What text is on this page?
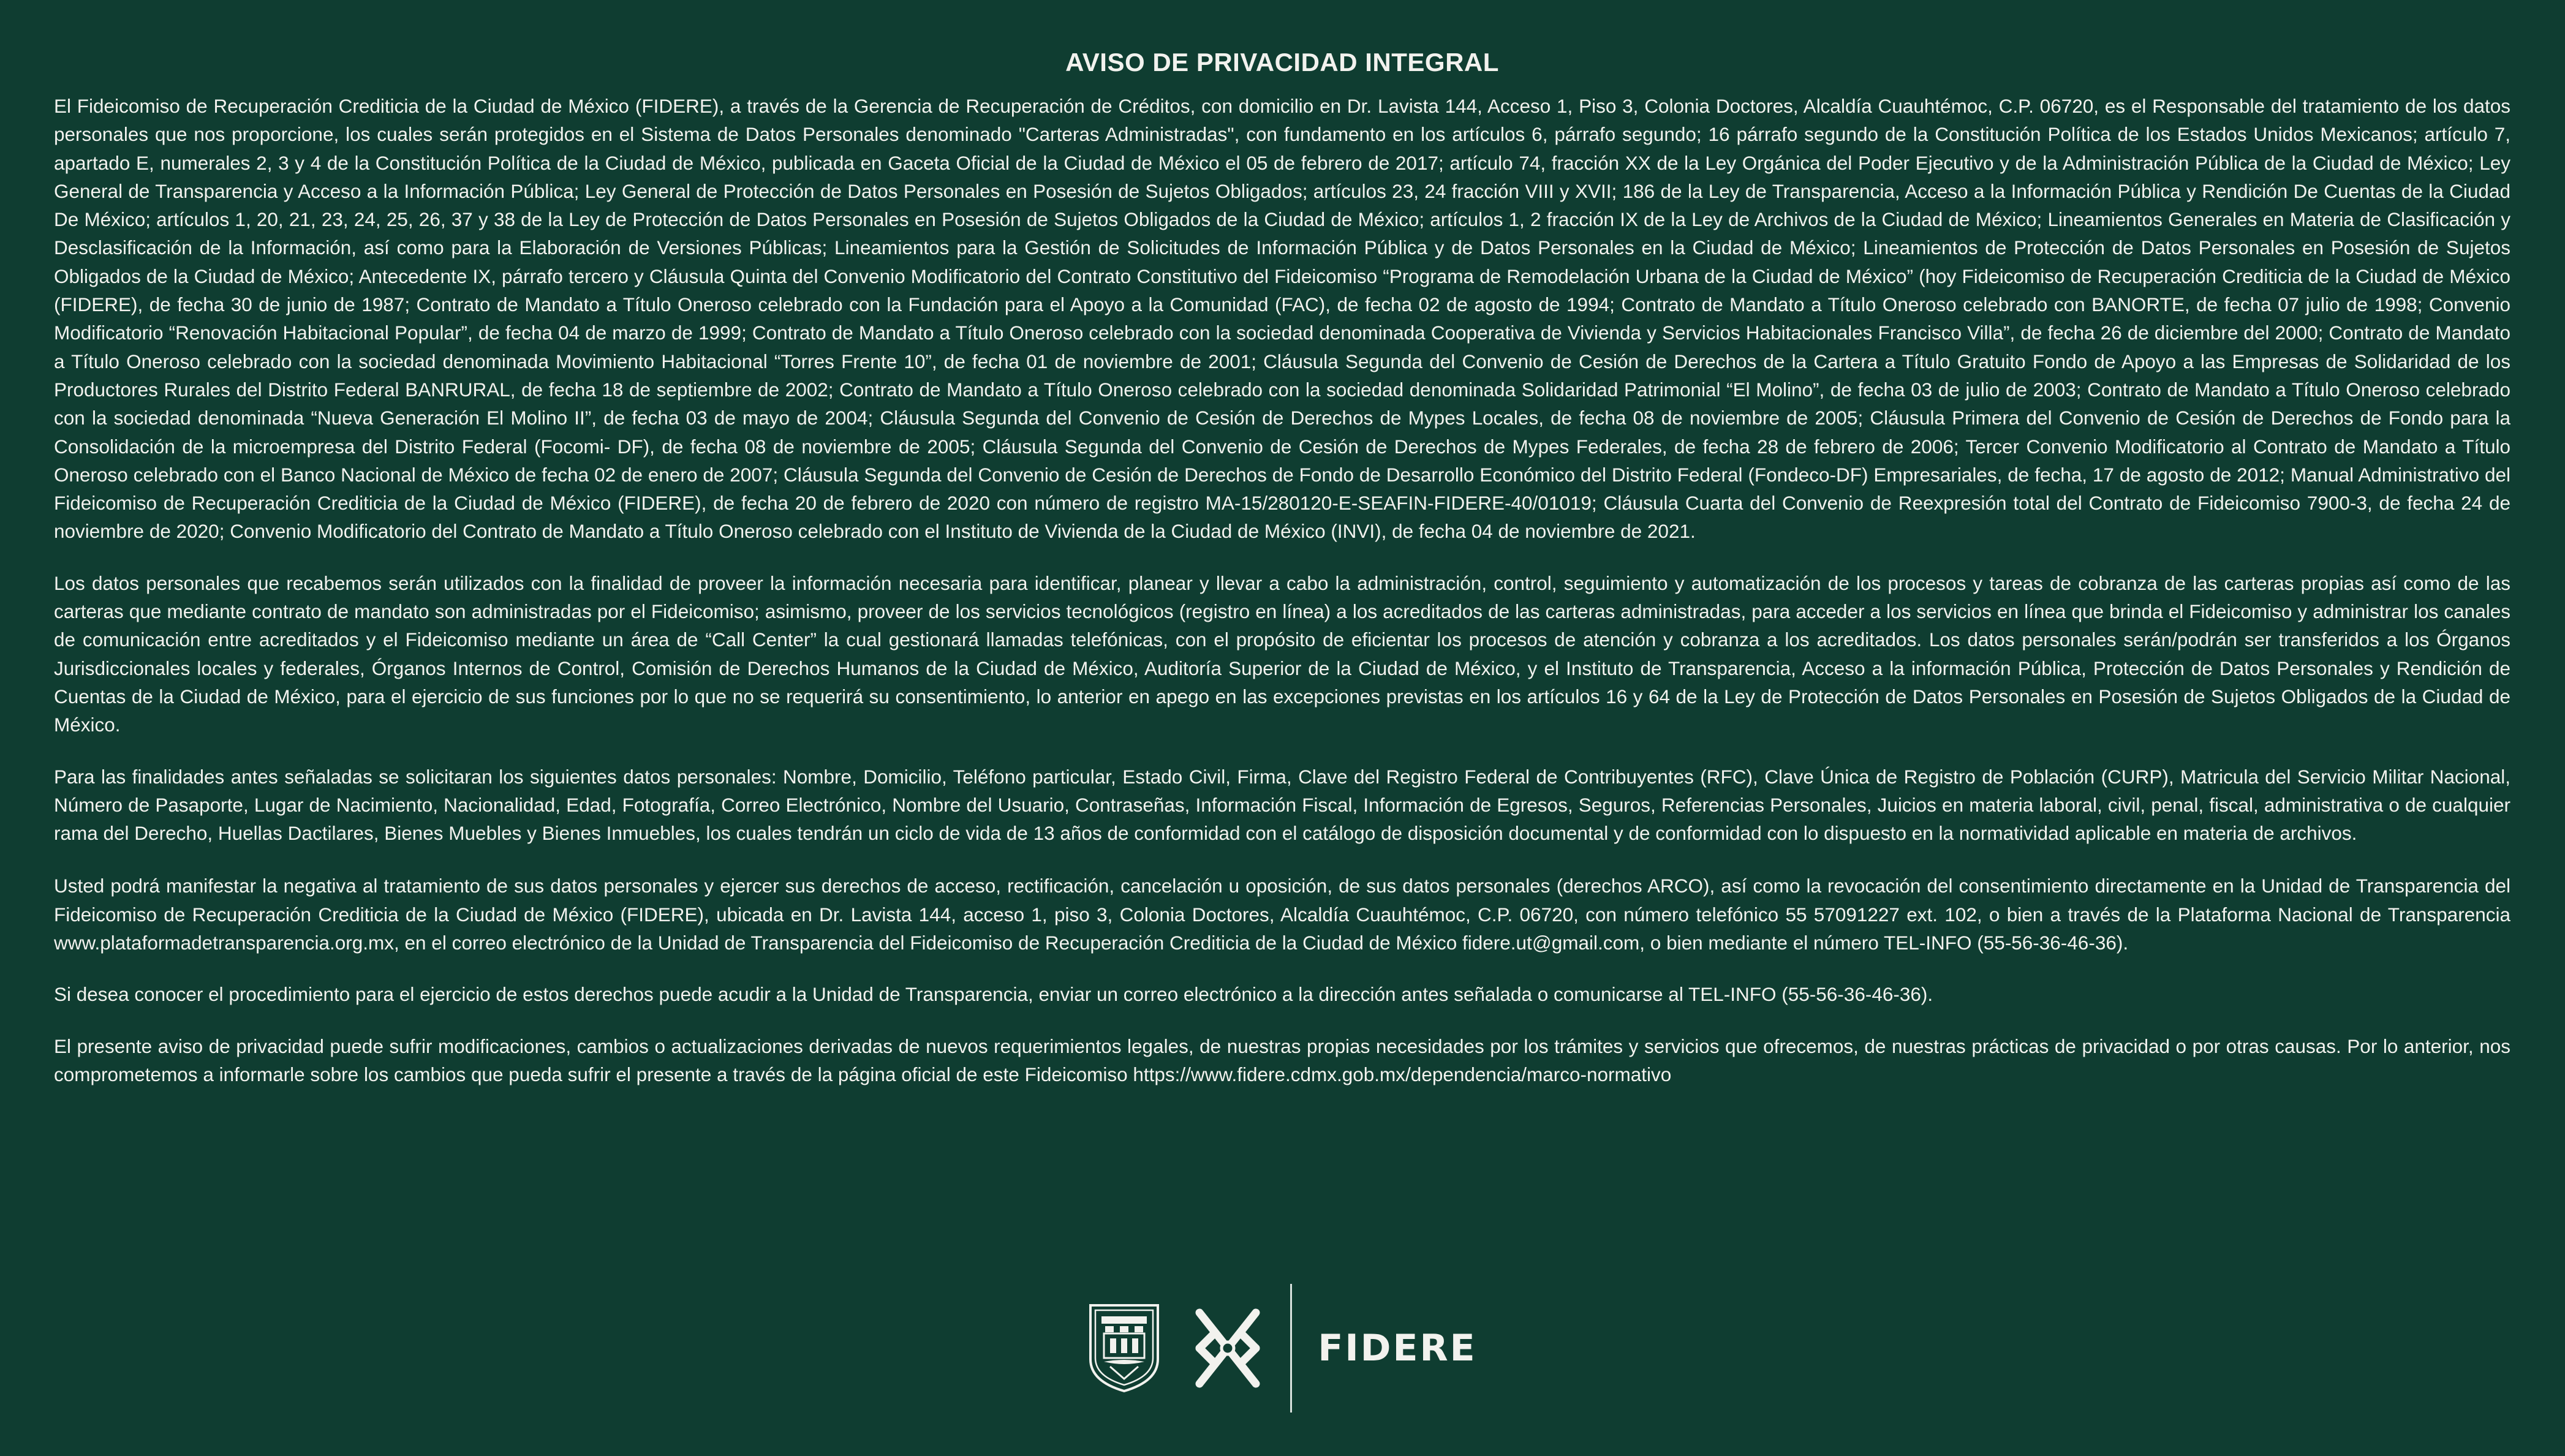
AVISO DE PRIVACIDAD INTEGRAL

El Fideicomiso de Recuperación Crediticia de la Ciudad de México (FIDERE), a través de la Gerencia de Recuperación de Créditos, con domicilio en Dr. Lavista 144, Acceso 1, Piso 3, Colonia Doctores, Alcaldía Cuauhtémoc, C.P. 06720, es el Responsable del tratamiento de los datos personales que nos proporcione, los cuales serán protegidos en el Sistema de Datos Personales denominado "Carteras Administradas", con fundamento en los artículos 6, párrafo segundo; 16 párrafo segundo de la Constitución Política de los Estados Unidos Mexicanos; artículo 7, apartado E, numerales 2, 3 y 4 de la Constitución Política de la Ciudad de México, publicada en Gaceta Oficial de la Ciudad de México el 05 de febrero de 2017; artículo 74, fracción XX de la Ley Orgánica del Poder Ejecutivo y de la Administración Pública de la Ciudad de México; Ley General de Transparencia y Acceso a la Información Pública; Ley General de Protección de Datos Personales en Posesión de Sujetos Obligados; artículos 23, 24 fracción VIII y XVII; 186 de la Ley de Transparencia, Acceso a la Información Pública y Rendición De Cuentas de la Ciudad De México; artículos 1, 20, 21, 23, 24, 25, 26, 37 y 38 de la Ley de Protección de Datos Personales en Posesión de Sujetos Obligados de la Ciudad de México; artículos 1, 2 fracción IX de la Ley de Archivos de la Ciudad de México; Lineamientos Generales en Materia de Clasificación y Desclasificación de la Información, así como para la Elaboración de Versiones Públicas; Lineamientos para la Gestión de Solicitudes de Información Pública y de Datos Personales en la Ciudad de México; Lineamientos de Protección de Datos Personales en Posesión de Sujetos Obligados de la Ciudad de México; Antecedente IX, párrafo tercero y Cláusula Quinta del Convenio Modificatorio del Contrato Constitutivo del Fideicomiso “Programa de Remodelación Urbana de la Ciudad de México” (hoy Fideicomiso de Recuperación Crediticia de la Ciudad de México (FIDERE), de fecha 30 de junio de 1987; Contrato de Mandato a Título Oneroso celebrado con la Fundación para el Apoyo a la Comunidad (FAC), de fecha 02 de agosto de 1994; Contrato de Mandato a Título Oneroso celebrado con BANORTE, de fecha 07 julio de 1998; Convenio Modificatorio “Renovación Habitacional Popular”, de fecha 04 de marzo de 1999; Contrato de Mandato a Título Oneroso celebrado con la sociedad denominada Cooperativa de Vivienda y Servicios Habitacionales Francisco Villa”, de fecha 26 de diciembre del 2000; Contrato de Mandato a Título Oneroso celebrado con la sociedad denominada Movimiento Habitacional “Torres Frente 10”, de fecha 01 de noviembre de 2001; Cláusula Segunda del Convenio de Cesión de Derechos de la Cartera a Título Gratuito Fondo de Apoyo a las Empresas de Solidaridad de los Productores Rurales del Distrito Federal BANRURAL, de fecha 18 de septiembre de 2002; Contrato de Mandato a Título Oneroso celebrado con la sociedad denominada Solidaridad Patrimonial “El Molino”, de fecha 03 de julio de 2003; Contrato de Mandato a Título Oneroso celebrado con la sociedad denominada “Nueva Generación El Molino II”, de fecha 03 de mayo de 2004; Cláusula Segunda del Convenio de Cesión de Derechos de Mypes Locales, de fecha 08 de noviembre de 2005; Cláusula Primera del Convenio de Cesión de Derechos de Fondo para la Consolidación de la microempresa del Distrito Federal (Focomi- DF), de fecha 08 de noviembre de 2005; Cláusula Segunda del Convenio de Cesión de Derechos de Mypes Federales, de fecha 28 de febrero de 2006; Tercer Convenio Modificatorio al Contrato de Mandato a Título Oneroso celebrado con el Banco Nacional de México de fecha 02 de enero de 2007; Cláusula Segunda del Convenio de Cesión de Derechos de Fondo de Desarrollo Económico del Distrito Federal (Fondeco-DF) Empresariales, de fecha, 17 de agosto de 2012; Manual Administrativo del Fideicomiso de Recuperación Crediticia de la Ciudad de México (FIDERE), de fecha 20 de febrero de 2020 con número de registro MA-15/280120-E-SEAFIN-FIDERE-40/01019; Cláusula Cuarta del Convenio de Reexpresión total del Contrato de Fideicomiso 7900-3, de fecha 24 de noviembre de 2020; Convenio Modificatorio del Contrato de Mandato a Título Oneroso celebrado con el Instituto de Vivienda de la Ciudad de México (INVI), de fecha 04 de noviembre de 2021.

Los datos personales que recabemos serán utilizados con la finalidad de proveer la información necesaria para identificar, planear y llevar a cabo la administración, control, seguimiento y automatización de los procesos y tareas de cobranza de las carteras propias así como de las carteras que mediante contrato de mandato son administradas por el Fideicomiso; asimismo, proveer de los servicios tecnológicos (registro en línea) a los acreditados de las carteras administradas, para acceder a los servicios en línea que brinda el Fideicomiso y administrar los canales de comunicación entre acreditados y el Fideicomiso mediante un área de “Call Center” la cual gestionará llamadas telefónicas, con el propósito de eficientar los procesos de atención y cobranza a los acreditados. Los datos personales serán/podrán ser transferidos a los Órganos Jurisdiccionales locales y federales, Órganos Internos de Control, Comisión de Derechos Humanos de la Ciudad de México, Auditoría Superior de la Ciudad de México, y el Instituto de Transparencia, Acceso a la información Pública, Protección de Datos Personales y Rendición de Cuentas de la Ciudad de México, para el ejercicio de sus funciones por lo que no se requerirá su consentimiento, lo anterior en apego en las excepciones previstas en los artículos 16 y 64 de la Ley de Protección de Datos Personales en Posesión de Sujetos Obligados de la Ciudad de México.

Para las finalidades antes señaladas se solicitaran los siguientes datos personales: Nombre, Domicilio, Teléfono particular, Estado Civil, Firma, Clave del Registro Federal de Contribuyentes (RFC), Clave Única de Registro de Población (CURP), Matricula del Servicio Militar Nacional, Número de Pasaporte, Lugar de Nacimiento, Nacionalidad, Edad, Fotografía, Correo Electrónico, Nombre del Usuario, Contraseñas, Información Fiscal, Información de Egresos, Seguros, Referencias Personales, Juicios en materia laboral, civil, penal, fiscal, administrativa o de cualquier rama del Derecho, Huellas Dactilares, Bienes Muebles y Bienes Inmuebles, los cuales tendrán un ciclo de vida de 13 años de conformidad con el catálogo de disposición documental y de conformidad con lo dispuesto en la normatividad aplicable en materia de archivos.

Usted podrá manifestar la negativa al tratamiento de sus datos personales y ejercer sus derechos de acceso, rectificación, cancelación u oposición, de sus datos personales (derechos ARCO), así como la revocación del consentimiento directamente en la Unidad de Transparencia del Fideicomiso de Recuperación Crediticia de la Ciudad de México (FIDERE), ubicada en Dr. Lavista 144, acceso 1, piso 3, Colonia Doctores, Alcaldía Cuauhtémoc, C.P. 06720, con número telefónico 55 57091227 ext. 102, o bien a través de la Plataforma Nacional de Transparencia www.plataformadetransparencia.org.mx, en el correo electrónico de la Unidad de Transparencia del Fideicomiso de Recuperación Crediticia de la Ciudad de México fidere.ut@gmail.com, o bien mediante el número TEL-INFO (55-56-36-46-36).

Si desea conocer el procedimiento para el ejercicio de estos derechos puede acudir a la Unidad de Transparencia, enviar un correo electrónico a la dirección antes señalada o comunicarse al TEL-INFO (55-56-36-46-36).

El presente aviso de privacidad puede sufrir modificaciones, cambios o actualizaciones derivadas de nuevos requerimientos legales, de nuestras propias necesidades por los trámites y servicios que ofrecemos, de nuestras prácticas de privacidad o por otras causas. Por lo anterior, nos comprometemos a informarle sobre los cambios que pueda sufrir el presente a través de la página oficial de este Fideicomiso https://www.fidere.cdmx.gob.mx/dependencia/marco-normativo

FIDERE
